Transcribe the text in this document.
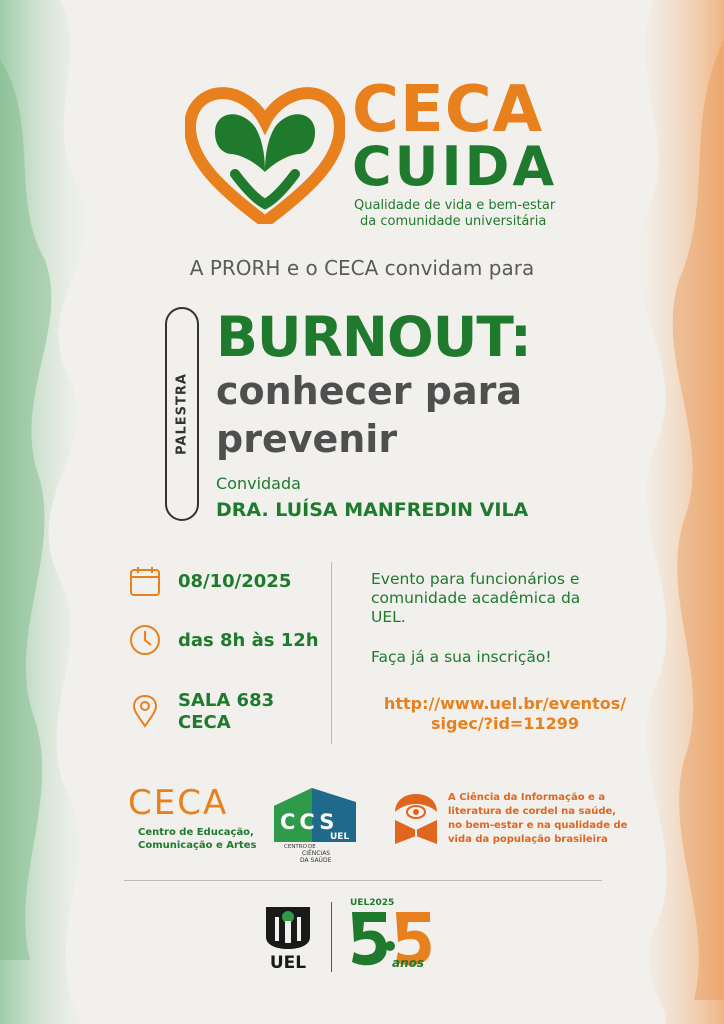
CECA
CUIDA
Qualidade de vida e bem-estar
da comunidade universitária
A PRORH e o CECA convidam para
PALESTRA
BURNOUT:
conhecer para
prevenir
Convidada
DRA. LUÍSA MANFREDIN VILA
08/10/2025
das 8h às 12h
SALA 683
CECA
Evento para funcionários e
comunidade acadêmica da
UEL.
Faça já a sua inscrição!
http://www.uel.br/eventos/
sigec/?id=11299
CECA
Centro de Educação,
Comunicação e Artes
CCS
UEL
CENTRO DE
CIÊNCIAS
DA SAÚDE
A Ciência da Informação e a
literatura de cordel na saúde,
no bem-estar e na qualidade de
vida da população brasileira
UEL
UEL2025
anos
